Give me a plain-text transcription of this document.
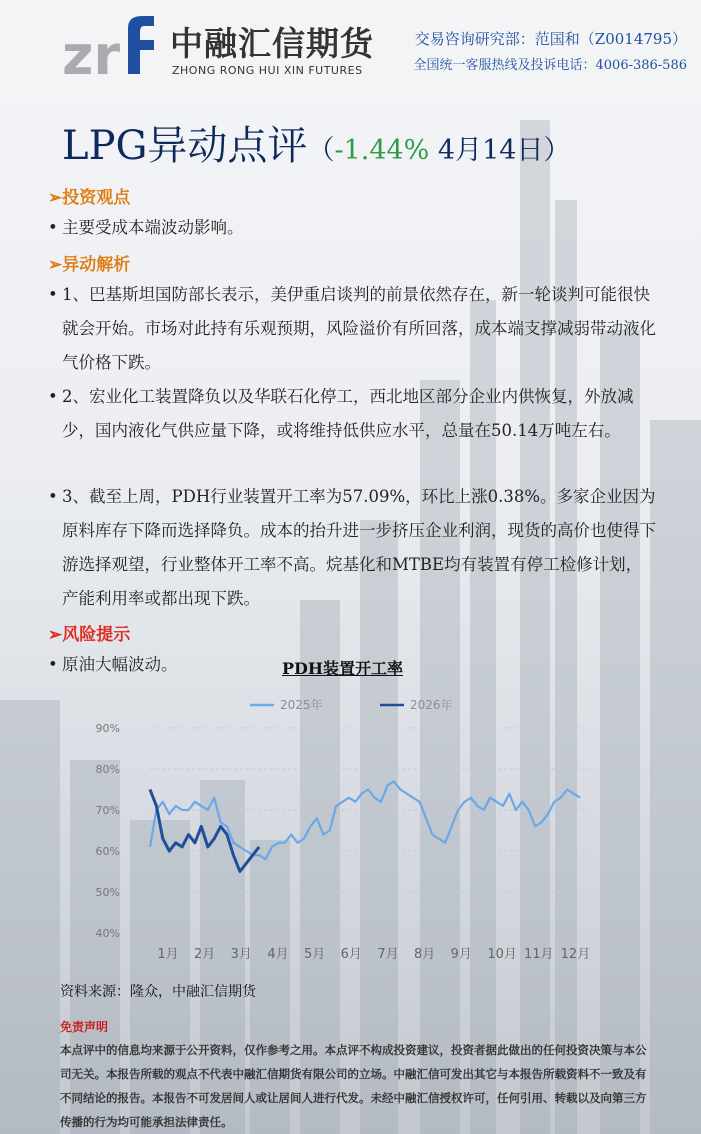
zr 中融汇信期货
ZHONG RONG HUI XIN FUTURES
交易咨询研究部：范国和（Z0014795）
全国统一客服热线及投诉电话：4006-386-586
LPG异动点评（-1.44% 4月14日）
➢投资观点
• 主要受成本端波动影响。
➢异动解析
• 1、巴基斯坦国防部长表示，美伊重启谈判的前景依然存在，新一轮谈判可能很快就会开始。市场对此持有乐观预期，风险溢价有所回落，成本端支撑减弱带动液化气价格下跌。
• 2、宏业化工装置降负以及华联石化停工，西北地区部分企业内供恢复，外放减少，国内液化气供应量下降，或将维持低供应水平，总量在50.14万吨左右。
• 3、截至上周，PDH行业装置开工率为57.09%，环比上涨0.38%。多家企业因为原料库存下降而选择降负。成本的抬升进一步挤压企业利润，现货的高价也使得下游选择观望，行业整体开工率不高。烷基化和MTBE均有装置有停工检修计划，产能利用率或都出现下跌。
➢风险提示
• 原油大幅波动。	PDH装置开工率
90%
80%
70%
60%
50%
40%
1月 2月 3月 4月 5月 6月 7月 8月 9月 10月 11月 12月
2025年	2026年
资料来源：隆众，中融汇信期货
免责声明
本点评中的信息均来源于公开资料，仅作参考之用。本点评不构成投资建议，投资者据此做出的任何投资决策与本公司无关。本报告所载的观点不代表中融汇信期货有限公司的立场。中融汇信可发出其它与本报告所载资料不一致及有不同结论的报告。本报告不可发居间人或让居间人进行代发。未经中融汇信授权许可，任何引用、转载以及向第三方传播的行为均可能承担法律责任。
